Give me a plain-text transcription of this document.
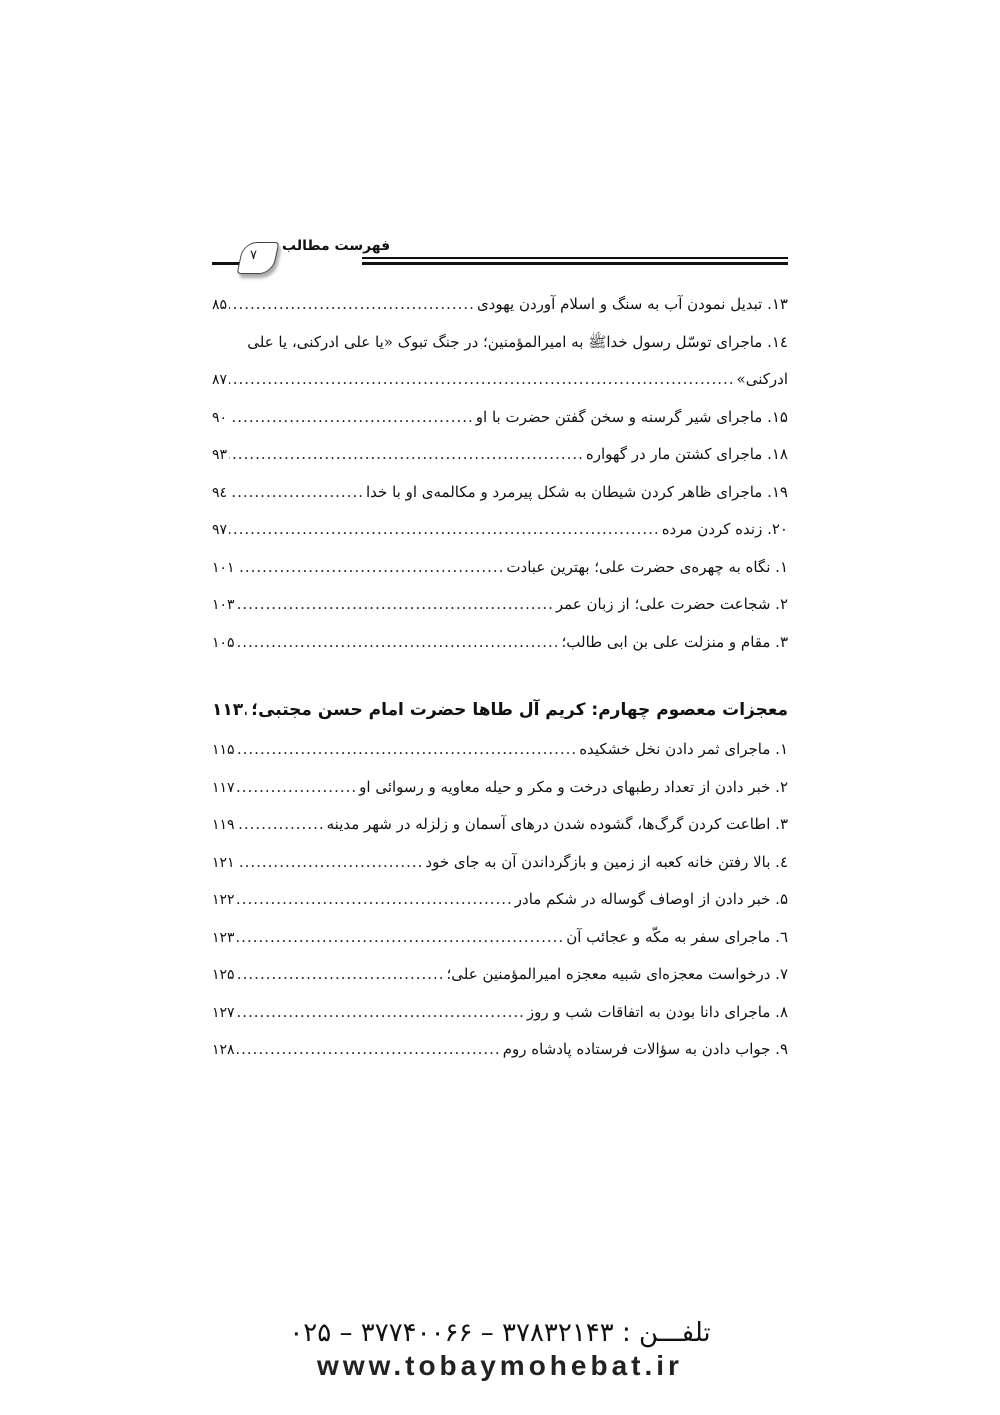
۷
فهرست مطالب
۱۳. تبدیل نمودن آب به سنگ و اسلام آوردن یهودی
.....
۸۵
۱٤. ماجرای توسّل رسول خداﷺ به امیرالمؤمنین‌؛ در جنگ تبوک «یا علی ادرکنی، یا علی
ادرکنی»
.....
۸۷
۱۵. ماجرای شیر گرسنه و سخن گفتن حضرت با او
.....
۹۰
۱۸. ماجرای کشتن مار در گهواره
.....
۹۳
۱۹. ماجرای ظاهر کردن شیطان به شکل پیرمرد و مکالمه‌ی او با خدا
.....
۹٤
۲۰. زنده کردن مرده
.....
۹۷
۱. نگاه به چهره‌ی حضرت علی؛ بهترین عبادت
.....
۱۰۱
۲. شجاعت حضرت علی؛ از زبان عمر
.....
۱۰۳
۳. مقام و منزلت علی بن ابی طالب؛
.....
۱۰۵
معجزات معصوم چهارم: کریم آل طاها حضرت امام حسن مجتبی؛
.....
۱۱۳
۱. ماجرای ثمر دادن نخل خشکیده
.....
۱۱۵
۲. خبر دادن از تعداد رطبهای درخت و مکر و حیله معاویه و رسوائی او
.....
۱۱۷
۳. اطاعت کردن گرگ‌ها، گشوده شدن درهای آسمان و زلزله در شهر مدینه
.....
۱۱۹
٤. بالا رفتن خانه کعبه از زمین و بازگرداندن آن به جای خود
.....
۱۲۱
۵. خبر دادن از اوصاف گوساله در شکم مادر
.....
۱۲۲
٦. ماجرای سفر به مکّه و عجائب آن
.....
۱۲۳
۷. درخواست معجزه‌ای شبیه معجزه امیرالمؤمنین علی؛
.....
۱۲۵
۸. ماجرای دانا بودن به اتفاقات شب و روز
.....
۱۲۷
۹. جواب دادن به سؤالات فرستاده پادشاه روم
.....
۱۲۸
تلفـــن : ۳۷۸۳۲۱۴۳ – ۳۷۷۴۰۰۶۶ – ۰۲۵
www.tobaymohebat.ir
